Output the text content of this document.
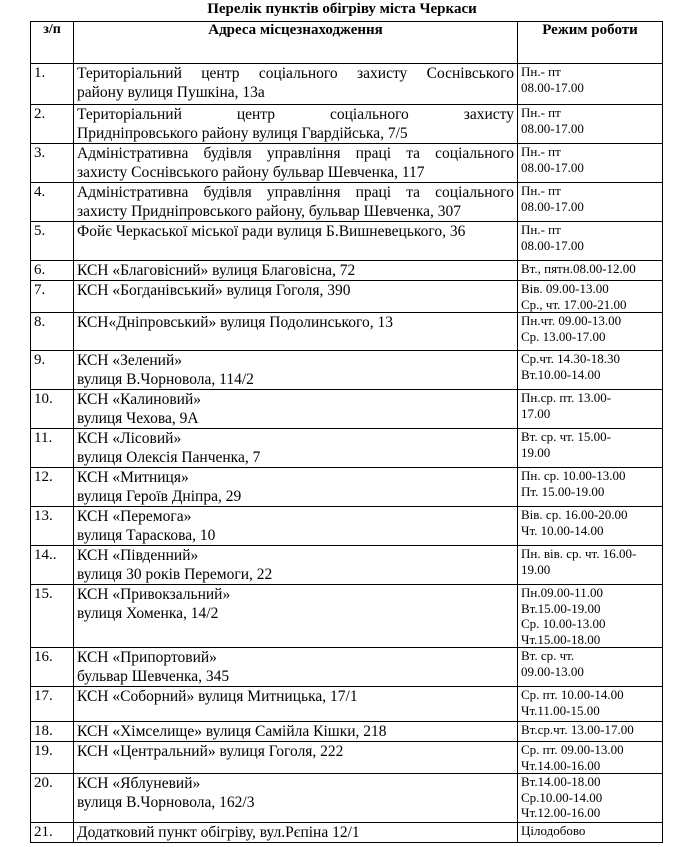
Перелік пунктів обігріву міста Черкаси
з/п	Адреса місцезнаходження	Режим роботи
1.	Територіальний центр соціального захисту Соснівського
району вулиця Пушкіна, 13а	Пн.- пт
08.00-17.00

2.	Територіальний центр соціального захисту
Придніпровського району вулиця Гвардійська, 7/5	Пн.- пт
08.00-17.00

3.	Адміністративна будівля управління праці та соціального
захисту Соснівського району бульвар Шевченка, 117	Пн.- пт
08.00-17.00

4.	Адміністративна будівля управління праці та соціального
захисту Придніпровського району, бульвар Шевченка, 307	Пн.- пт
08.00-17.00

5.	Фойє Черкаської міської ради вулиця Б.Вишневецького, 36	Пн.- пт
08.00-17.00

6.	КСН «Благовісний» вулиця Благовісна, 72	Вт., пятн.08.00-12.00

7.	КСН «Богданівський» вулиця Гоголя, 390	Вів. 09.00-13.00
Ср., чт. 17.00-21.00

8.	КСН«Дніпровський» вулиця Подолинського, 13	Пн.чт. 09.00-13.00
Ср. 13.00-17.00

9.	КСН «Зелений»
вулиця В.Чорновола, 114/2	Ср.чт. 14.30-18.30
Вт.10.00-14.00

10.	КСН «Калиновий»
вулиця Чехова, 9А	Пн.ср. пт. 13.00-
17.00

11.	КСН «Лісовий»
вулиця Олексія Панченка, 7	Вт. ср. чт. 15.00-
19.00

12.	КСН «Митниця»
вулиця Героїв Дніпра, 29	Пн. ср. 10.00-13.00
Пт. 15.00-19.00

13.	КСН «Перемога»
вулиця Тараскова, 10	Вів. ср. 16.00-20.00
Чт. 10.00-14.00

14..	КСН «Південний»
вулиця 30 років Перемоги, 22	Пн. вів. ср. чт. 16.00-
19.00

15.	КСН «Привокзальний»
вулиця Хоменка, 14/2	Пн.09.00-11.00
Вт.15.00-19.00
Ср. 10.00-13.00
Чт.15.00-18.00

16.	КСН «Припортовий»
бульвар Шевченка, 345	Вт. ср. чт.
09.00-13.00

17.	КСН «Соборний» вулиця Митницька, 17/1	Ср. пт. 10.00-14.00
Чт.11.00-15.00

18.	КСН «Хімселище» вулиця Самійла Кішки, 218	Вт.ср.чт. 13.00-17.00

19.	КСН «Центральний» вулиця Гоголя, 222	Ср. пт. 09.00-13.00
Чт.14.00-16.00

20.	КСН «Яблуневий»
вулиця В.Чорновола, 162/3	Вт.14.00-18.00
Ср.10.00-14.00
Чт.12.00-16.00

21.	Додатковий пункт обігріву, вул.Рєпіна 12/1	Цілодобово
